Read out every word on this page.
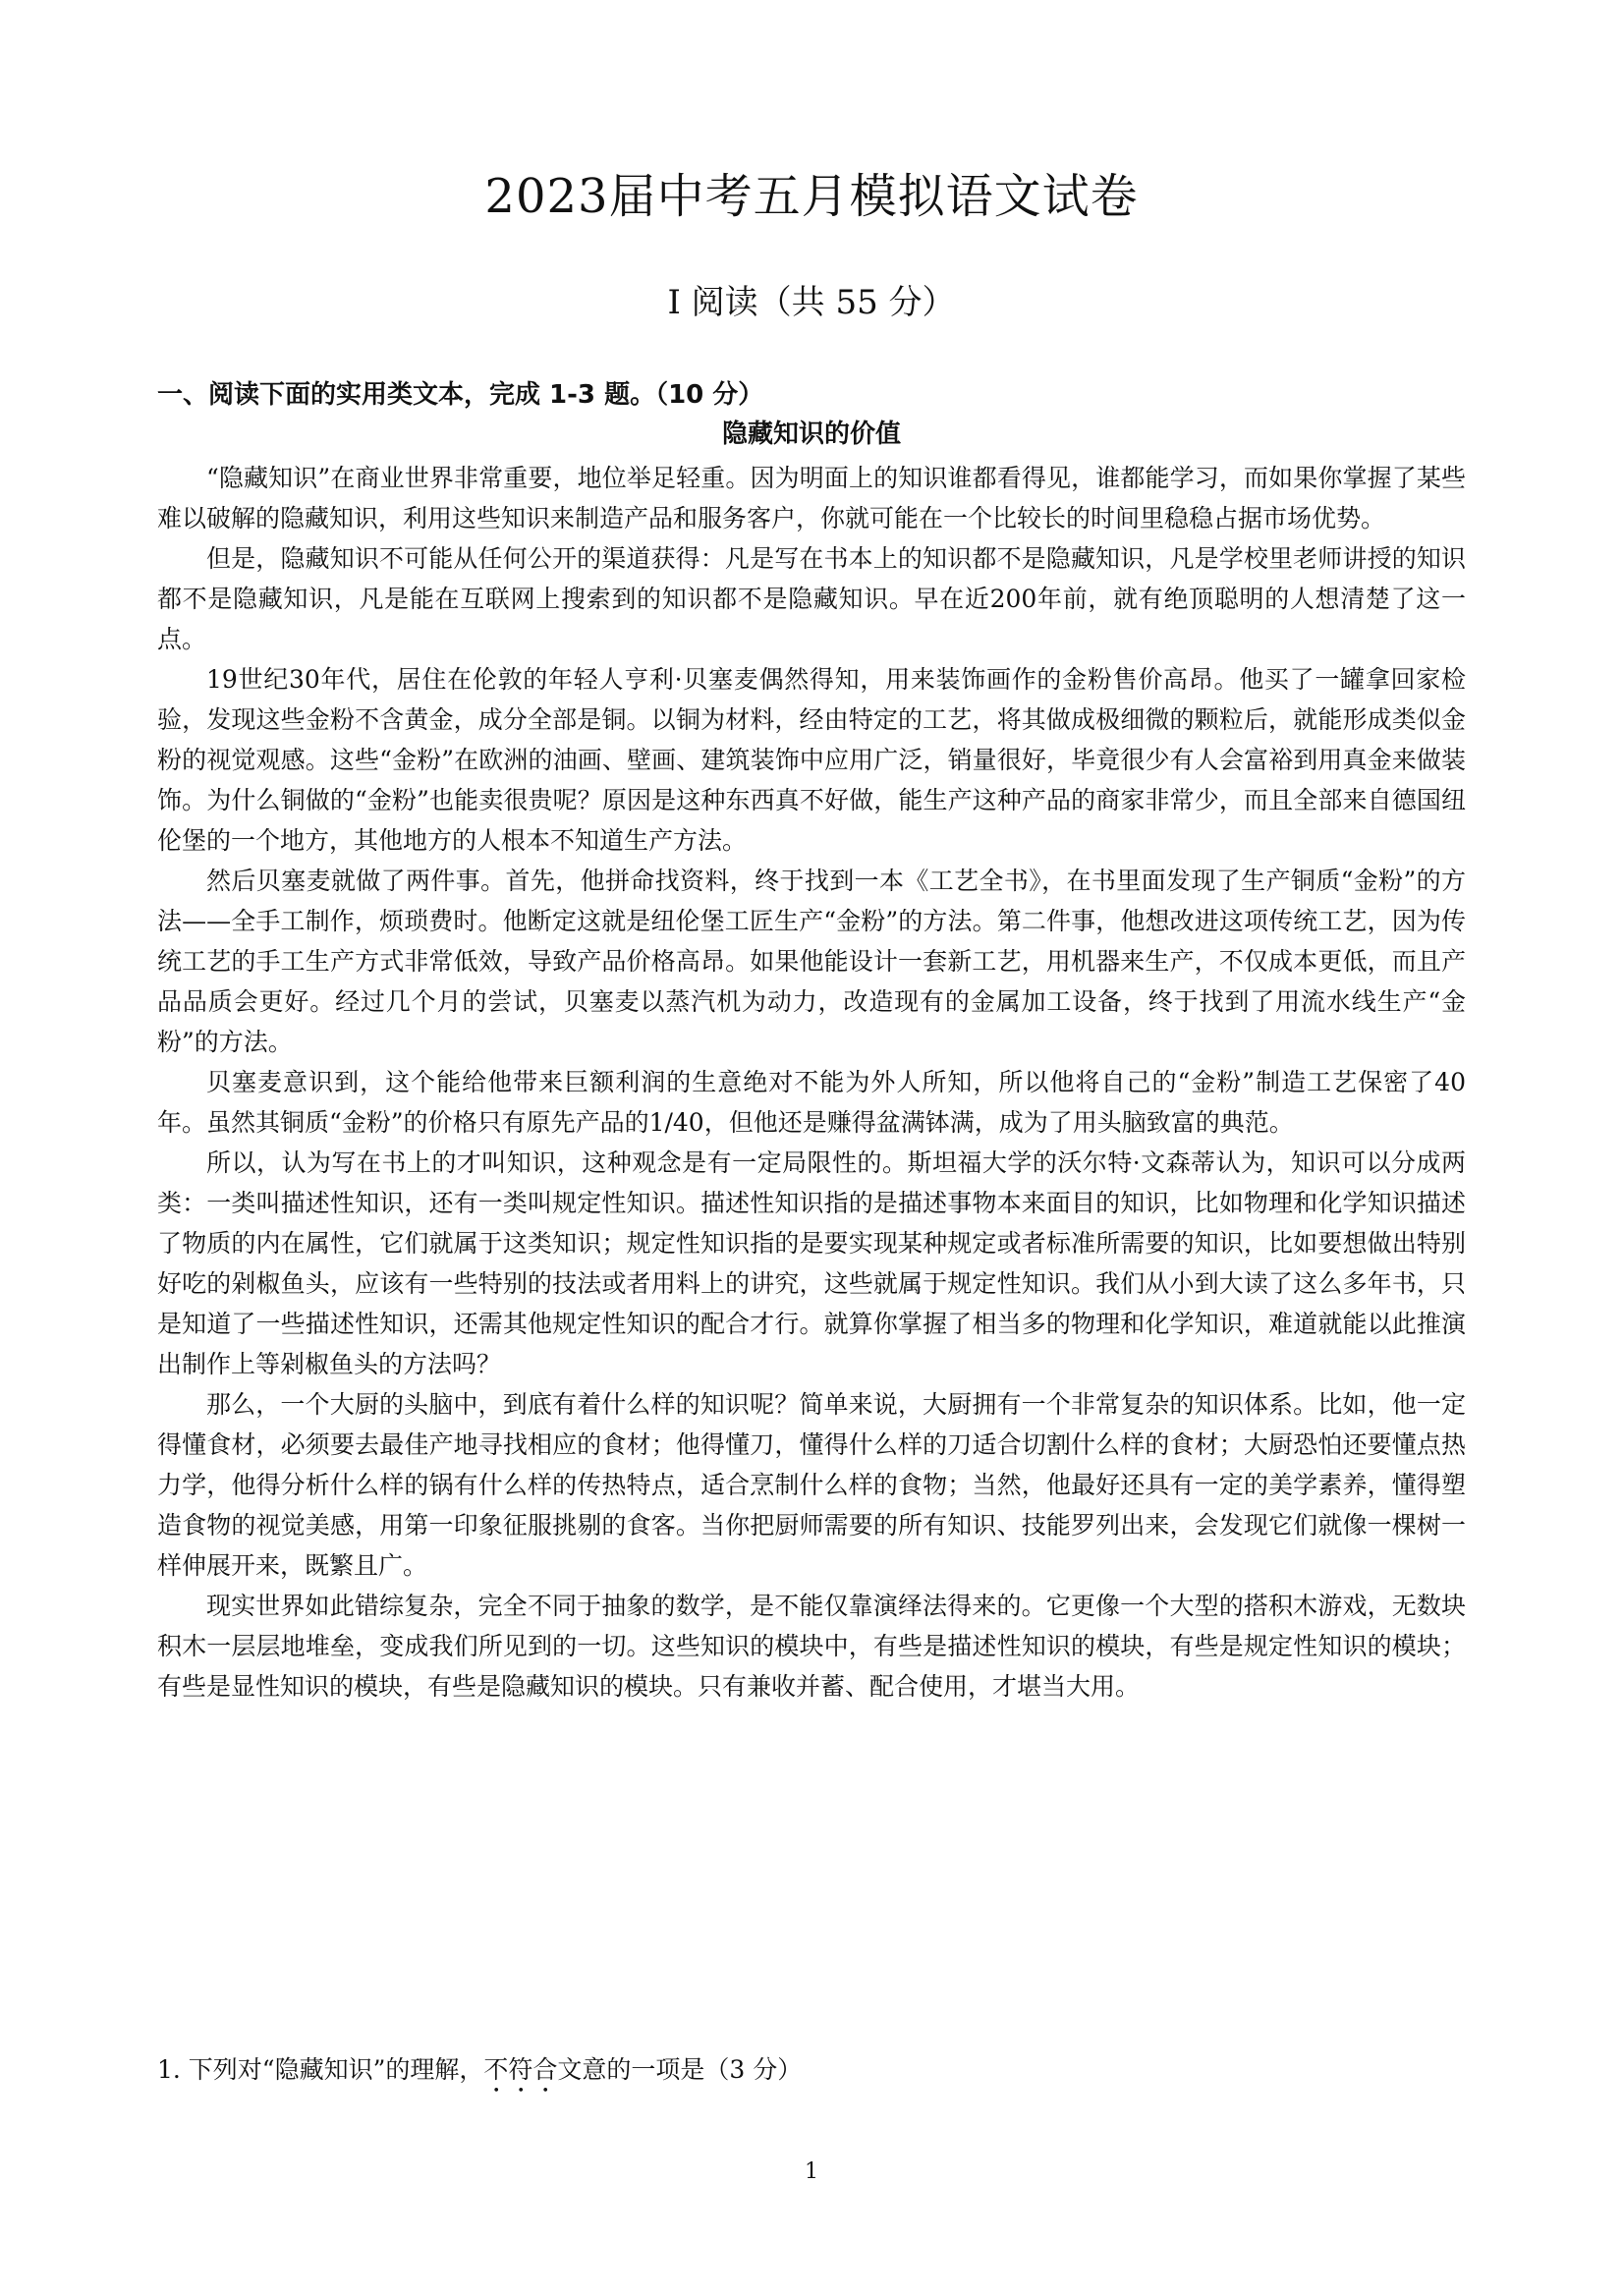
2023届中考五月模拟语文试卷
Ⅰ 阅读（共 55 分）
一、阅读下面的实用类文本，完成 1-3 题。（10 分）
隐藏知识的价值

“隐藏知识”在商业世界非常重要，地位举足轻重。因为明面上的知识谁都看得见，谁都能学习，而如果你掌握了某些难以破解的隐藏知识，利用这些知识来制造产品和服务客户，你就可能在一个比较长的时间里稳稳占据市场优势。

但是，隐藏知识不可能从任何公开的渠道获得：凡是写在书本上的知识都不是隐藏知识，凡是学校里老师讲授的知识都不是隐藏知识，凡是能在互联网上搜索到的知识都不是隐藏知识。早在近200年前，就有绝顶聪明的人想清楚了这一点。

19世纪30年代，居住在伦敦的年轻人亨利·贝塞麦偶然得知，用来装饰画作的金粉售价高昂。他买了一罐拿回家检验，发现这些金粉不含黄金，成分全部是铜。以铜为材料，经由特定的工艺，将其做成极细微的颗粒后，就能形成类似金粉的视觉观感。这些“金粉”在欧洲的油画、壁画、建筑装饰中应用广泛，销量很好，毕竟很少有人会富裕到用真金来做装饰。为什么铜做的“金粉”也能卖很贵呢？原因是这种东西真不好做，能生产这种产品的商家非常少，而且全部来自德国纽伦堡的一个地方，其他地方的人根本不知道生产方法。

然后贝塞麦就做了两件事。首先，他拼命找资料，终于找到一本《工艺全书》，在书里面发现了生产铜质“金粉”的方法——全手工制作，烦琐费时。他断定这就是纽伦堡工匠生产“金粉”的方法。第二件事，他想改进这项传统工艺，因为传统工艺的手工生产方式非常低效，导致产品价格高昂。如果他能设计一套新工艺，用机器来生产，不仅成本更低，而且产品品质会更好。经过几个月的尝试，贝塞麦以蒸汽机为动力，改造现有的金属加工设备，终于找到了用流水线生产“金粉”的方法。

贝塞麦意识到，这个能给他带来巨额利润的生意绝对不能为外人所知，所以他将自己的“金粉”制造工艺保密了40年。虽然其铜质“金粉”的价格只有原先产品的1/40，但他还是赚得盆满钵满，成为了用头脑致富的典范。

所以，认为写在书上的才叫知识，这种观念是有一定局限性的。斯坦福大学的沃尔特·文森蒂认为，知识可以分成两类：一类叫描述性知识，还有一类叫规定性知识。描述性知识指的是描述事物本来面目的知识，比如物理和化学知识描述了物质的内在属性，它们就属于这类知识；规定性知识指的是要实现某种规定或者标准所需要的知识，比如要想做出特别好吃的剁椒鱼头，应该有一些特别的技法或者用料上的讲究，这些就属于规定性知识。我们从小到大读了这么多年书，只是知道了一些描述性知识，还需其他规定性知识的配合才行。就算你掌握了相当多的物理和化学知识，难道就能以此推演出制作上等剁椒鱼头的方法吗？

那么，一个大厨的头脑中，到底有着什么样的知识呢？简单来说，大厨拥有一个非常复杂的知识体系。比如，他一定得懂食材，必须要去最佳产地寻找相应的食材；他得懂刀，懂得什么样的刀适合切割什么样的食材；大厨恐怕还要懂点热力学，他得分析什么样的锅有什么样的传热特点，适合烹制什么样的食物；当然，他最好还具有一定的美学素养，懂得塑造食物的视觉美感，用第一印象征服挑剔的食客。当你把厨师需要的所有知识、技能罗列出来，会发现它们就像一棵树一样伸展开来，既繁且广。

现实世界如此错综复杂，完全不同于抽象的数学，是不能仅靠演绎法得来的。它更像一个大型的搭积木游戏，无数块积木一层层地堆垒，变成我们所见到的一切。这些知识的模块中，有些是描述性知识的模块，有些是规定性知识的模块；有些是显性知识的模块，有些是隐藏知识的模块。只有兼收并蓄、配合使用，才堪当大用。

1. 下列对“隐藏知识”的理解，不符合文意的一项是（3 分）
1
